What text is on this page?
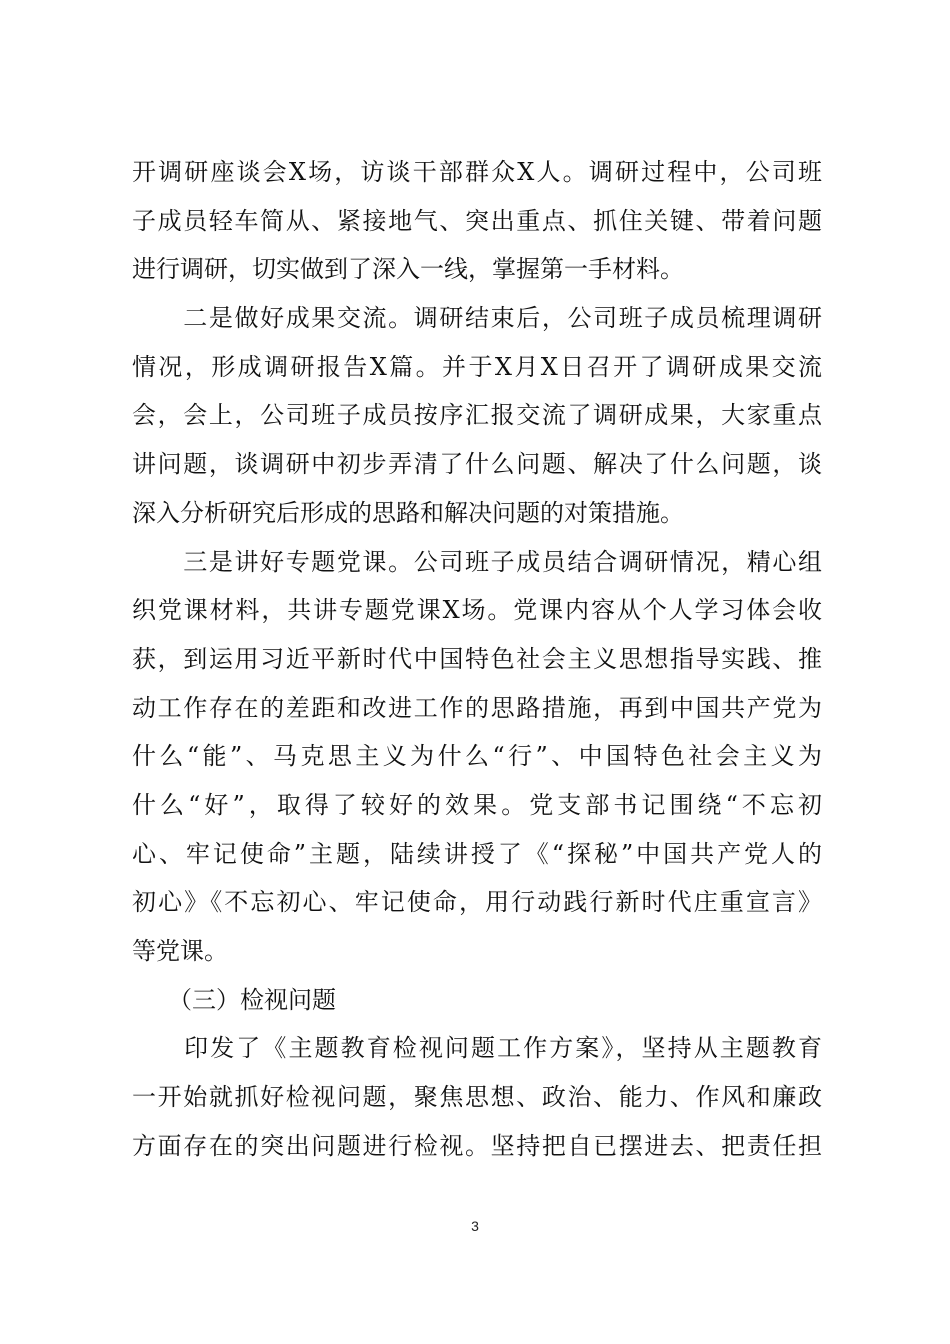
开调研座谈会X场，访谈干部群众X人。调研过程中，公司班
子成员轻车简从、紧接地气、突出重点、抓住关键、带着问题
进行调研，切实做到了深入一线，掌握第一手材料。
　　二是做好成果交流。调研结束后，公司班子成员梳理调研
情况，形成调研报告X篇。并于X月X日召开了调研成果交流
会，会上，公司班子成员按序汇报交流了调研成果，大家重点
讲问题，谈调研中初步弄清了什么问题、解决了什么问题，谈
深入分析研究后形成的思路和解决问题的对策措施。
　　三是讲好专题党课。公司班子成员结合调研情况，精心组
织党课材料，共讲专题党课X场。党课内容从个人学习体会收
获，到运用习近平新时代中国特色社会主义思想指导实践、推
动工作存在的差距和改进工作的思路措施，再到中国共产党为
什么“能”、马克思主义为什么“行”、中国特色社会主义为
什么“好”，取得了较好的效果。党支部书记围绕“不忘初
心、牢记使命”主题，陆续讲授了《“探秘”中国共产党人的
初心》《不忘初心、牢记使命，用行动践行新时代庄重宣言》
等党课。
　　（三）检视问题
　　印发了《主题教育检视问题工作方案》，坚持从主题教育
一开始就抓好检视问题，聚焦思想、政治、能力、作风和廉政
方面存在的突出问题进行检视。坚持把自已摆进去、把责任担
3
